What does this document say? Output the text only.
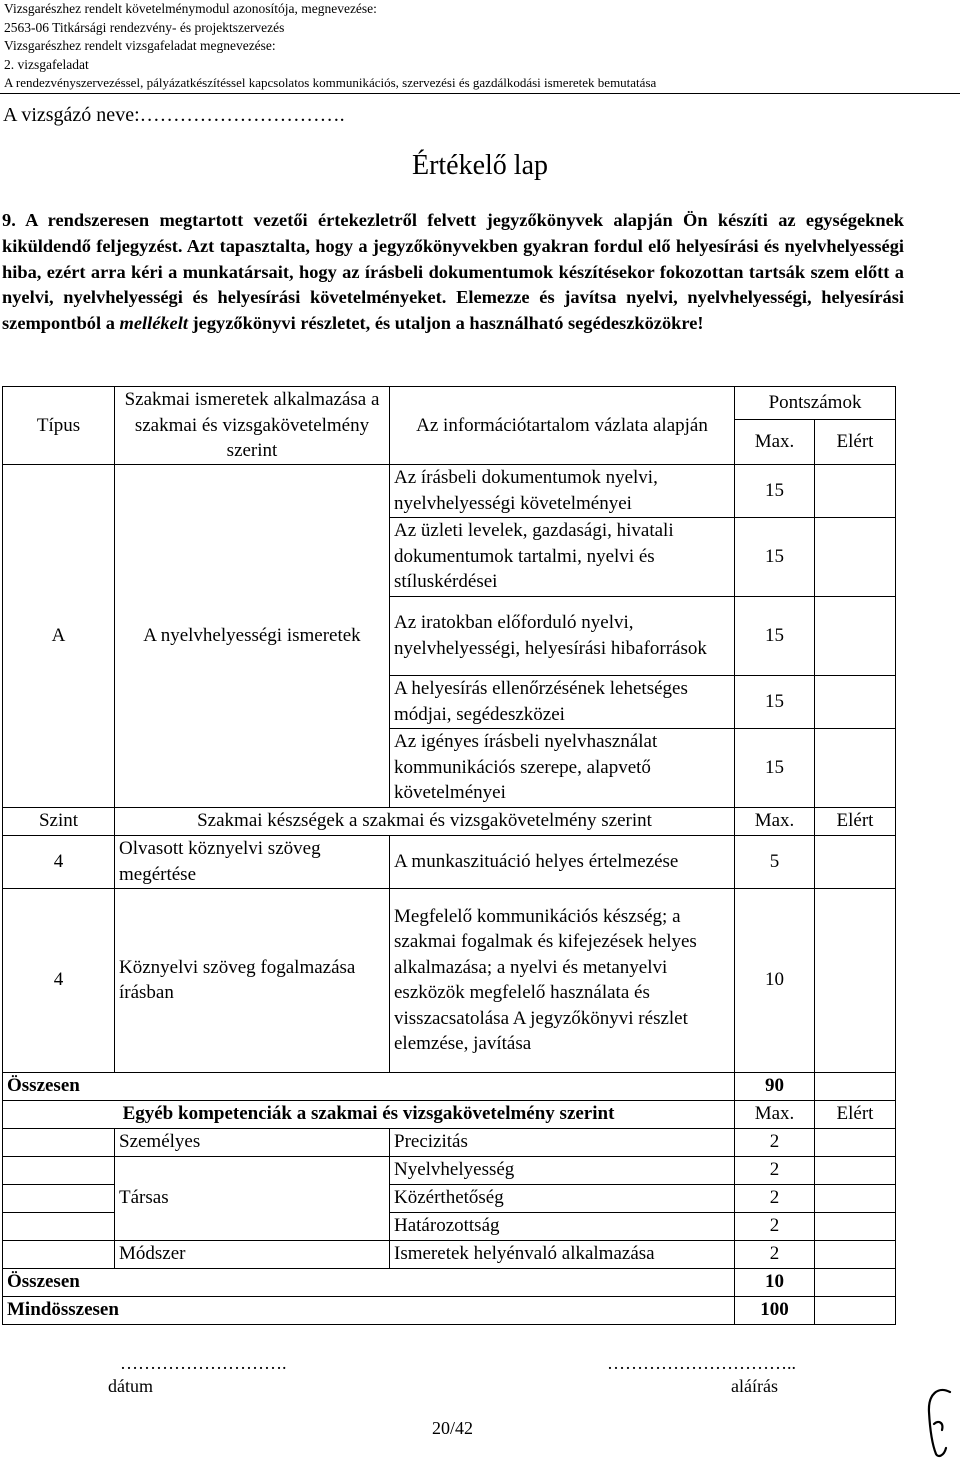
Vizsgarészhez rendelt követelménymodul azonosítója, megnevezése:
2563-06 Titkársági rendezvény- és projektszervezés
Vizsgarészhez rendelt vizsgafeladat megnevezése:
2. vizsgafeladat
A rendezvényszervezéssel, pályázatkészítéssel kapcsolatos kommunikációs, szervezési és gazdálkodási ismeretek bemutatása
A vizsgázó neve:………………………….
Értékelő lap
9. A rendszeresen megtartott vezetői értekezletről felvett jegyzőkönyvek alapján Ön készíti az egységeknek kiküldendő feljegyzést. Azt tapasztalta, hogy a jegyzőkönyvekben gyakran fordul elő helyesírási és nyelvhelyességi hiba, ezért arra kéri a munkatársait, hogy az írásbeli dokumentumok készítésekor fokozottan tartsák szem előtt a nyelvi, nyelvhelyességi és helyesírási követelményeket. Elemezze és javítsa nyelvi, nyelvhelyességi, helyesírási szempontból a mellékelt jegyzőkönyvi részletet, és utaljon a használható segédeszközökre!
Típus	Szakmai ismeretek alkalmazása a szakmai és vizsgakövetelmény szerint	Az információtartalom vázlata alapján	Pontszámok	
			Max.	Elért
A	A nyelvhelyességi ismeretek	Az írásbeli dokumentumok nyelvi, nyelvhelyességi követelményei	15	
		Az üzleti levelek, gazdasági, hivatali dokumentumok tartalmi, nyelvi és stíluskérdései	15	
		Az iratokban előforduló nyelvi, nyelvhelyességi, helyesírási hibaforrások	15	
		A helyesírás ellenőrzésének lehetséges módjai, segédeszközei	15	
		Az igényes írásbeli nyelvhasználat kommunikációs szerepe, alapvető követelményei	15	
Szint	Szakmai készségek a szakmai és vizsgakövetelmény szerint		Max.	Elért
4	Olvasott köznyelvi szöveg megértése	A munkaszituáció helyes értelmezése	5	
4	Köznyelvi szöveg fogalmazása írásban	Megfelelő kommunikációs készség; a szakmai fogalmak és kifejezések helyes alkalmazása; a nyelvi és metanyelvi eszközök megfelelő használata és visszacsatolása A jegyzőkönyvi részlet elemzése, javítása	10	
Összesen			90	
Egyéb kompetenciák a szakmai és vizsgakövetelmény szerint			Max.	Elért
	Személyes	Precizitás	2	
	Társas	Nyelvhelyesség	2	
		Közérthetőség	2	
		Határozottság	2	
	Módszer	Ismeretek helyénvaló alkalmazása	2	
Összesen			10	
Mindösszesen			100	
……………………….
dátum
…………………………..
aláírás
20/42
